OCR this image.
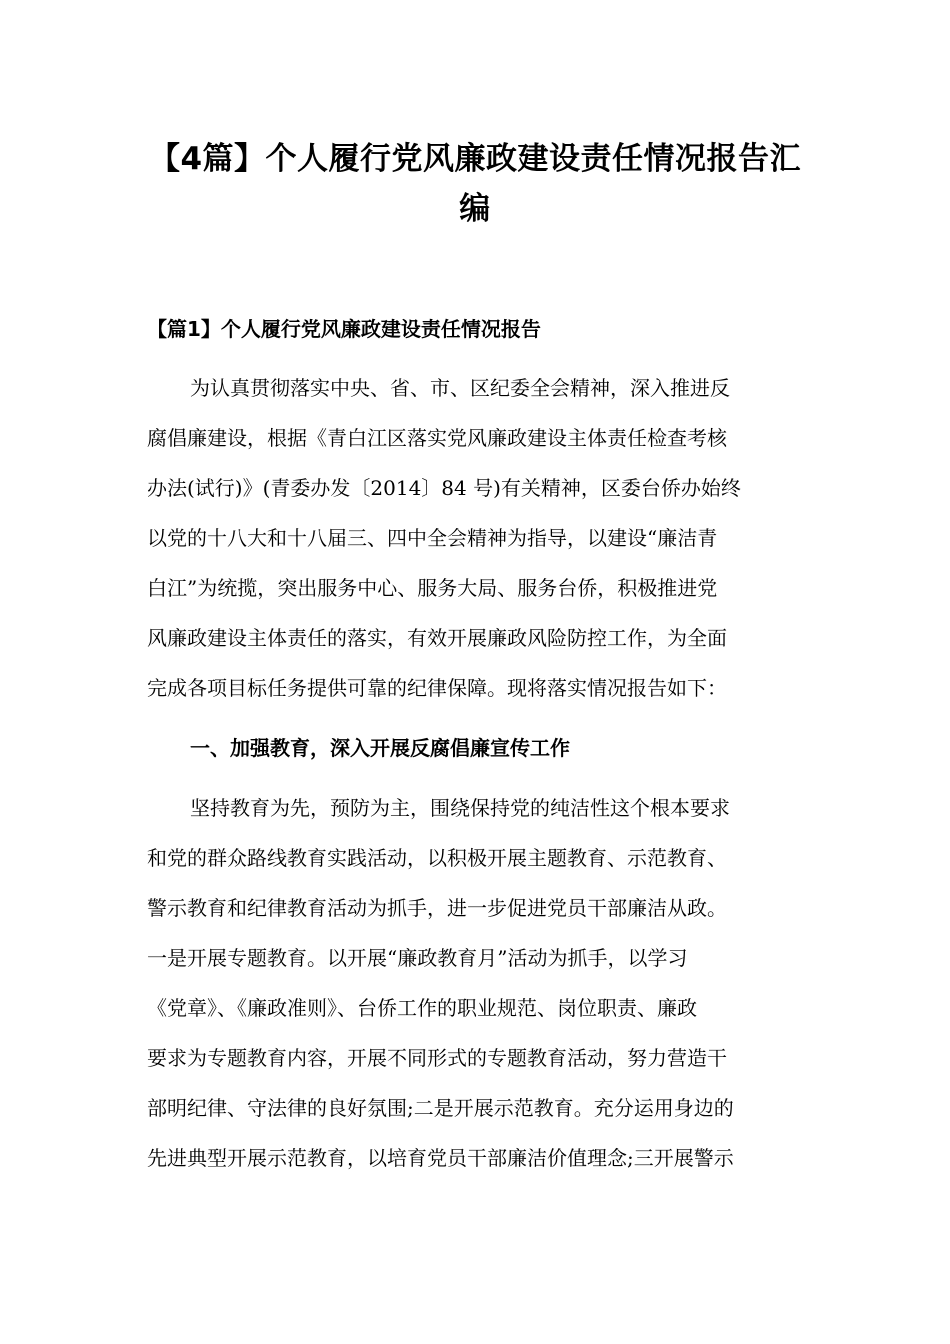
【4篇】个人履行党风廉政建设责任情况报告汇
编
【篇1】个人履行党风廉政建设责任情况报告
为认真贯彻落实中央、省、市、区纪委全会精神，深入推进反
腐倡廉建设，根据《青白江区落实党风廉政建设主体责任检查考核
办法(试行)》(青委办发〔2014〕84 号)有关精神，区委台侨办始终
以党的十八大和十八届三、四中全会精神为指导，以建设“廉洁青
白江”为统揽，突出服务中心、服务大局、服务台侨，积极推进党
风廉政建设主体责任的落实，有效开展廉政风险防控工作，为全面
完成各项目标任务提供可靠的纪律保障。现将落实情况报告如下：
一、加强教育，深入开展反腐倡廉宣传工作
坚持教育为先，预防为主，围绕保持党的纯洁性这个根本要求
和党的群众路线教育实践活动，以积极开展主题教育、示范教育、
警示教育和纪律教育活动为抓手，进一步促进党员干部廉洁从政。
一是开展专题教育。以开展“廉政教育月”活动为抓手，以学习
《党章》、《廉政准则》、台侨工作的职业规范、岗位职责、廉政
要求为专题教育内容，开展不同形式的专题教育活动，努力营造干
部明纪律、守法律的良好氛围;二是开展示范教育。充分运用身边的
先进典型开展示范教育，以培育党员干部廉洁价值理念;三开展警示
